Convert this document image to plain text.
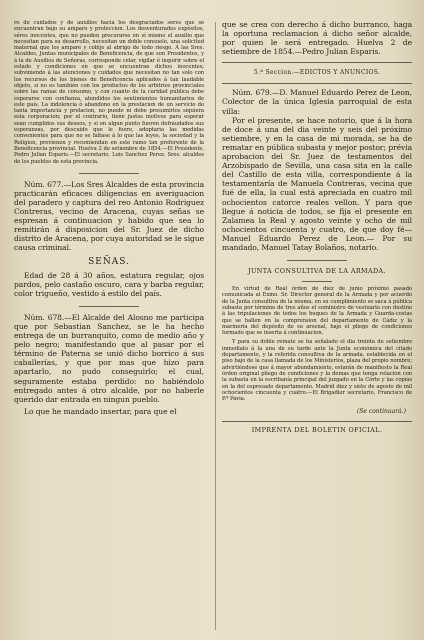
ro de cuidados y de auxilios hacia los desgraciados séres que se encuentran bajo su amparo y proteccion. Los desventurados expósitos, séres inocentes, que no pueden procurarse en sí mismo el auxilio que necesitan para su desarrollo, necesitan un doble consuelo, una solicitud maternal que los ampare y cobije al abrigo de todo riesgo. Á las Sres. Alcaldes, Juntas municipales de Beneficencia, de que son Presidentes, y á la de Auxilios de Señoras, corresponde celar, vigilar é inquirir sobre el estado y condiciones en que se encuentran dichos inocentes; subviniendo á las atenciones y cuidados que necesitan no tan solo con los recursos de los bienes de Beneficencia aplicados á tan laudable objeto, si no es también con los productos de los arbitrios provinciales sobre las ramas de consumo, y con cuanto de la caridad pública debe esperarse con confianza, atendidos los sentimientos humanitarios de este país. La indolencia ó abandono en la prestacion de un servicio de tanta importancia y prelacion, no puede ni debe presumirlos siquiera esta corporacion; por el contrario, tiene justos motivos para esperar sean cumplidos sus deseos, y si en algun punto fueren defraudados sus esperanzas, por descuido que le fuere, adoptaria las medidas convenientes para que no se faltase á lo que las leyes, la sociedad y la Religion, previenen y recomiendan en este ramo tan preferente de la Beneficencia provincial. Huelva 2 de setiembre de 1854.—El Presidente, Pedro Julian Esparis.—El secretario, Luis Sanchez Perez. Sres. alcaldes de los pueblos de esta provincia.

Núm. 677.—Los Sres Alcaldes de esta provincia practicarán eficaces diligencias en averiguacion del paradero y captura del reo Antonio Rodriguez Contreras, vecino de Aracena, cuyas señas se espresan á continuacion y habido que sea lo remitirán á disposicion del Sr. Juez de dicho distrito de Aracena, por cuya autoridad se le sigue causa criminal.

SEÑAS.

Edad de 28 á 30 años, estatura regular, ojos pardos, pelo castaño oscuro, cara y barba regular, color trigueño, vestido á estilo del país.

Núm. 678.—El Alcalde del Alosno me participa que por Sebastian Sanchez, se le ha hecho entrega de un burranquito, como de medio año y pelo negro; manifestando que al pasar por el término de Paterna se unió dicho borrico á sus caballerías, y que por mas que hizo para apartarlo, no pudo conseguirlo; el cual, seguramente estaba perdido: no habiéndolo entregado antes á otro alcalde, por no haberle querido dar entrada en ningun pueblo.

Lo que he mandado insertar, para que el

que se crea con derecho á dicho burranco, haga la oportuna reclamacion á dicho señor alcalde, por quien le será entregado. Huelva 2 de setiembre de 1854.—Pedro Julian Esparis.

5.ª Seccion.—EDICTOS Y ANUNCIOS.

Núm. 679.—D. Manuel Eduardo Perez de Leon, Colector de la única Iglesia parroquial de esta villa:

Por el presente, se hace notorio, que á la hora de doce á una del dia veinte y seis del próximo setiembre, y en la casa de mi morada, se ha de rematar en pública subasta y mejor postor; prévia aprobacion del Sr. Juez de testamentos del Arzobispado de Sevilla, una casa sita en la calle del Castillo de esta villa, correspondiente á la testamentaría de Manuela Contreras, vecina que fué de ella, la cual está apreciada en cuatro mil ochocientos catorce reales vellon. Y para que llegue á noticia de todos, se fija el presente en Zalamea la Real y agosto veinte y ocho de mil ochocientos cincuenta y cuatro, de que doy fé— Manuel Eduardo Perez de Leon.— Por su mandado, Manuel Tatay Bolaños, notario.

JUNTA CONSULTIVA DE LA ARMADA.

En virtud de Real órden de diez de junio próximo pasado comunicada al Exmo. Sr. Director general de la Armada y por acuerdo de la Junta consultiva de la misma, en su cumplimiento se saca á pública subasta por término de tres años el suministro de vestuario con destino á las tripulaciones de todos los buques de la Armada y Guarda-costas que se hallen en la comprension del departamento de Cádiz y la marinería del depósito de su arsenal, bajo el pliego de condiciones formado que se inserta á continuacion.

Y para su doble remate se ha señalado el dia treinta de setiembre inmediato á la una de su tarde ante la Junta económica del citado departamento, y la referida consultiva de la armada, establecida en el piso bajo de la casa llamada de los Ministerios, plaza del propio nombre; advirtiéndose que á mayor abundamiento, estarán de manifiesto la Real órden original pliego de condiciones y la demas que tenga relacion con la subasta en la escribanía principal del juzgado en la Córte y las copias en la del espresado departamento. Madrid diez y siete de agosto de mil ochocientos cincuenta y cuatro.—El Brigadier secretario, Francisco de P.ª Pavia.

(Se continuará.)
IMPRENTA DEL BOLETIN OFICIAL.
